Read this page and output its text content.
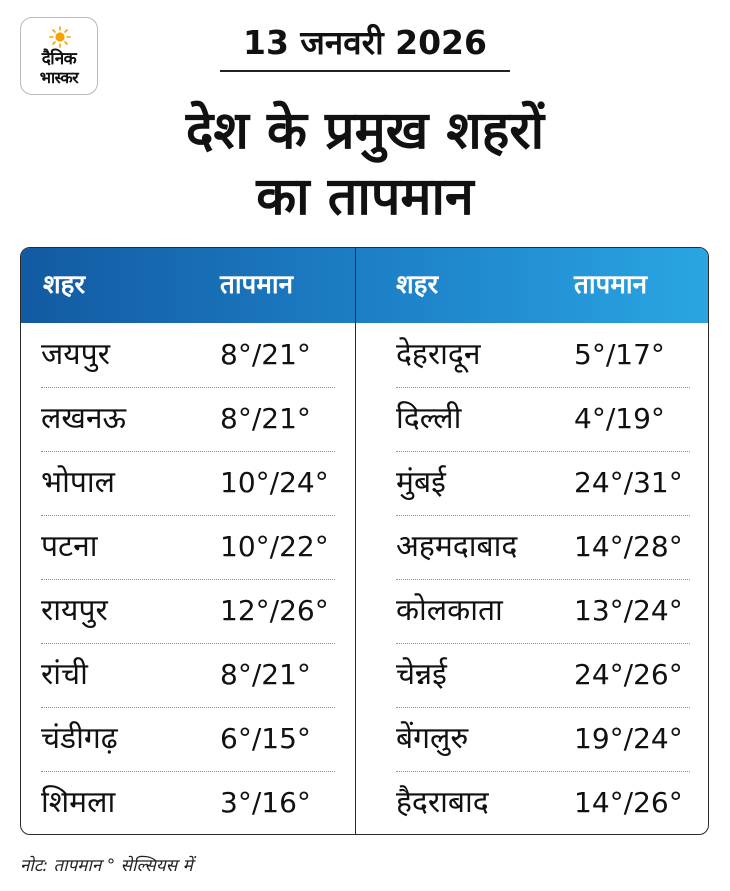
दैनिक
भास्कर
13 जनवरी 2026
देश के प्रमुख शहरों
का तापमान
शहर	तापमान	शहर	तापमान
जयपुर	8°/21°
लखनऊ	8°/21°
भोपाल	10°/24°
पटना	10°/22°
रायपुर	12°/26°
रांची	8°/21°
चंडीगढ़	6°/15°
शिमला	3°/16°
देहरादून	5°/17°
दिल्ली	4°/19°
मुंबई	24°/31°
अहमदाबाद 14°/28°
कोलकाता	13°/24°
चेन्नई	24°/26°
बेंगलुरु	19°/24°
हैदराबाद	14°/26°
नोट: तापमान ° सेल्सियस में
